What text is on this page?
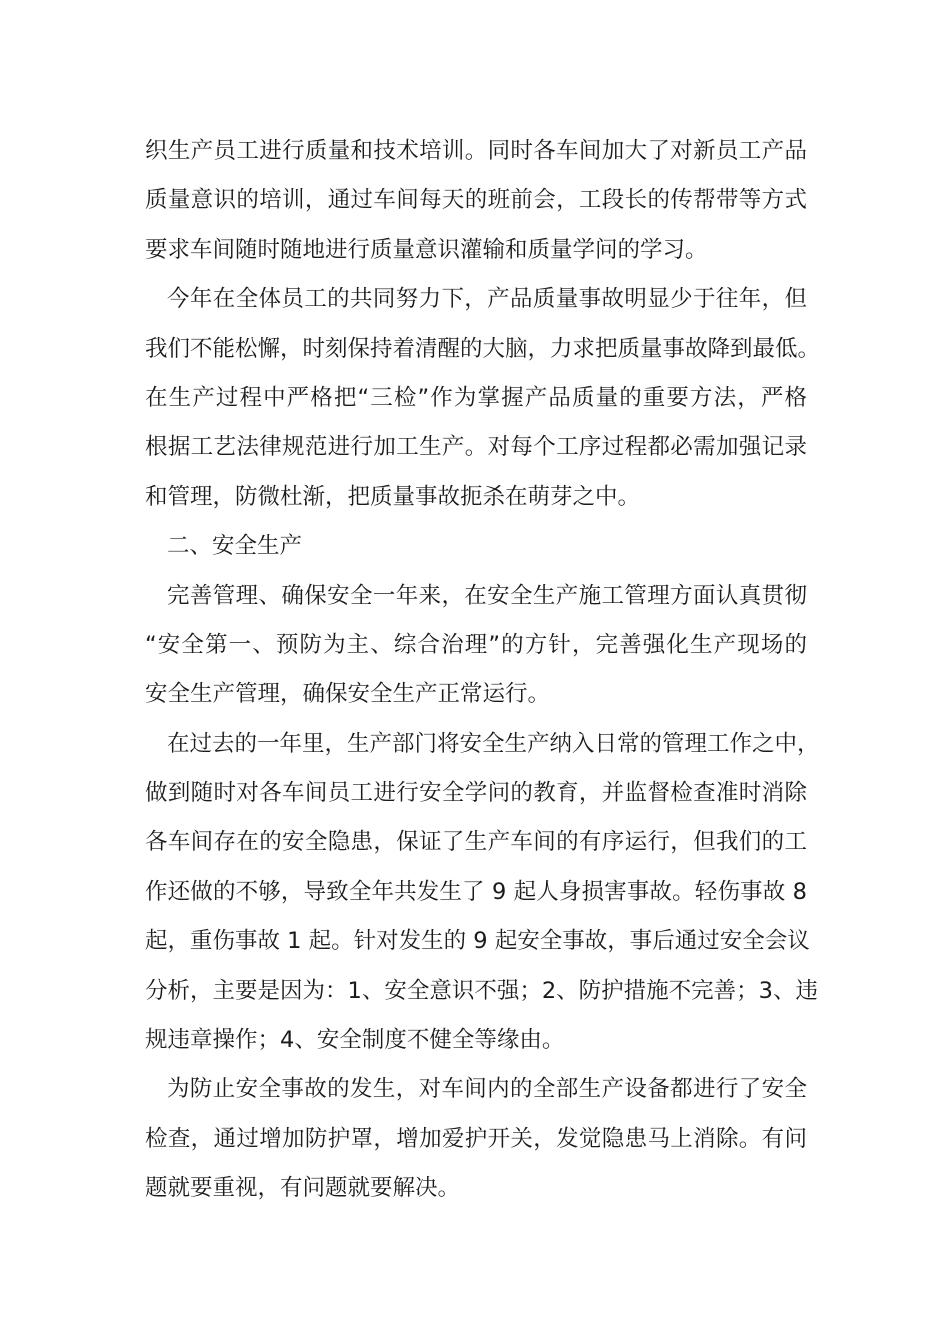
织生产员工进行质量和技术培训。同时各车间加大了对新员工产品
质量意识的培训，通过车间每天的班前会，工段长的传帮带等方式
要求车间随时随地进行质量意识灌输和质量学问的学习。
今年在全体员工的共同努力下，产品质量事故明显少于往年，但
我们不能松懈，时刻保持着清醒的大脑，力求把质量事故降到最低。
在生产过程中严格把“三检”作为掌握产品质量的重要方法，严格
根据工艺法律规范进行加工生产。对每个工序过程都必需加强记录
和管理，防微杜渐，把质量事故扼杀在萌芽之中。
二、安全生产
完善管理、确保安全一年来，在安全生产施工管理方面认真贯彻
“安全第一、预防为主、综合治理”的方针，完善强化生产现场的
安全生产管理，确保安全生产正常运行。
在过去的一年里，生产部门将安全生产纳入日常的管理工作之中，
做到随时对各车间员工进行安全学问的教育，并监督检查准时消除
各车间存在的安全隐患，保证了生产车间的有序运行，但我们的工
作还做的不够，导致全年共发生了 9 起人身损害事故。轻伤事故 8
起，重伤事故 1 起。针对发生的 9 起安全事故，事后通过安全会议
分析，主要是因为：1、安全意识不强；2、防护措施不完善；3、违
规违章操作；4、安全制度不健全等缘由。
为防止安全事故的发生，对车间内的全部生产设备都进行了安全
检查，通过增加防护罩，增加爱护开关，发觉隐患马上消除。有问
题就要重视，有问题就要解决。
